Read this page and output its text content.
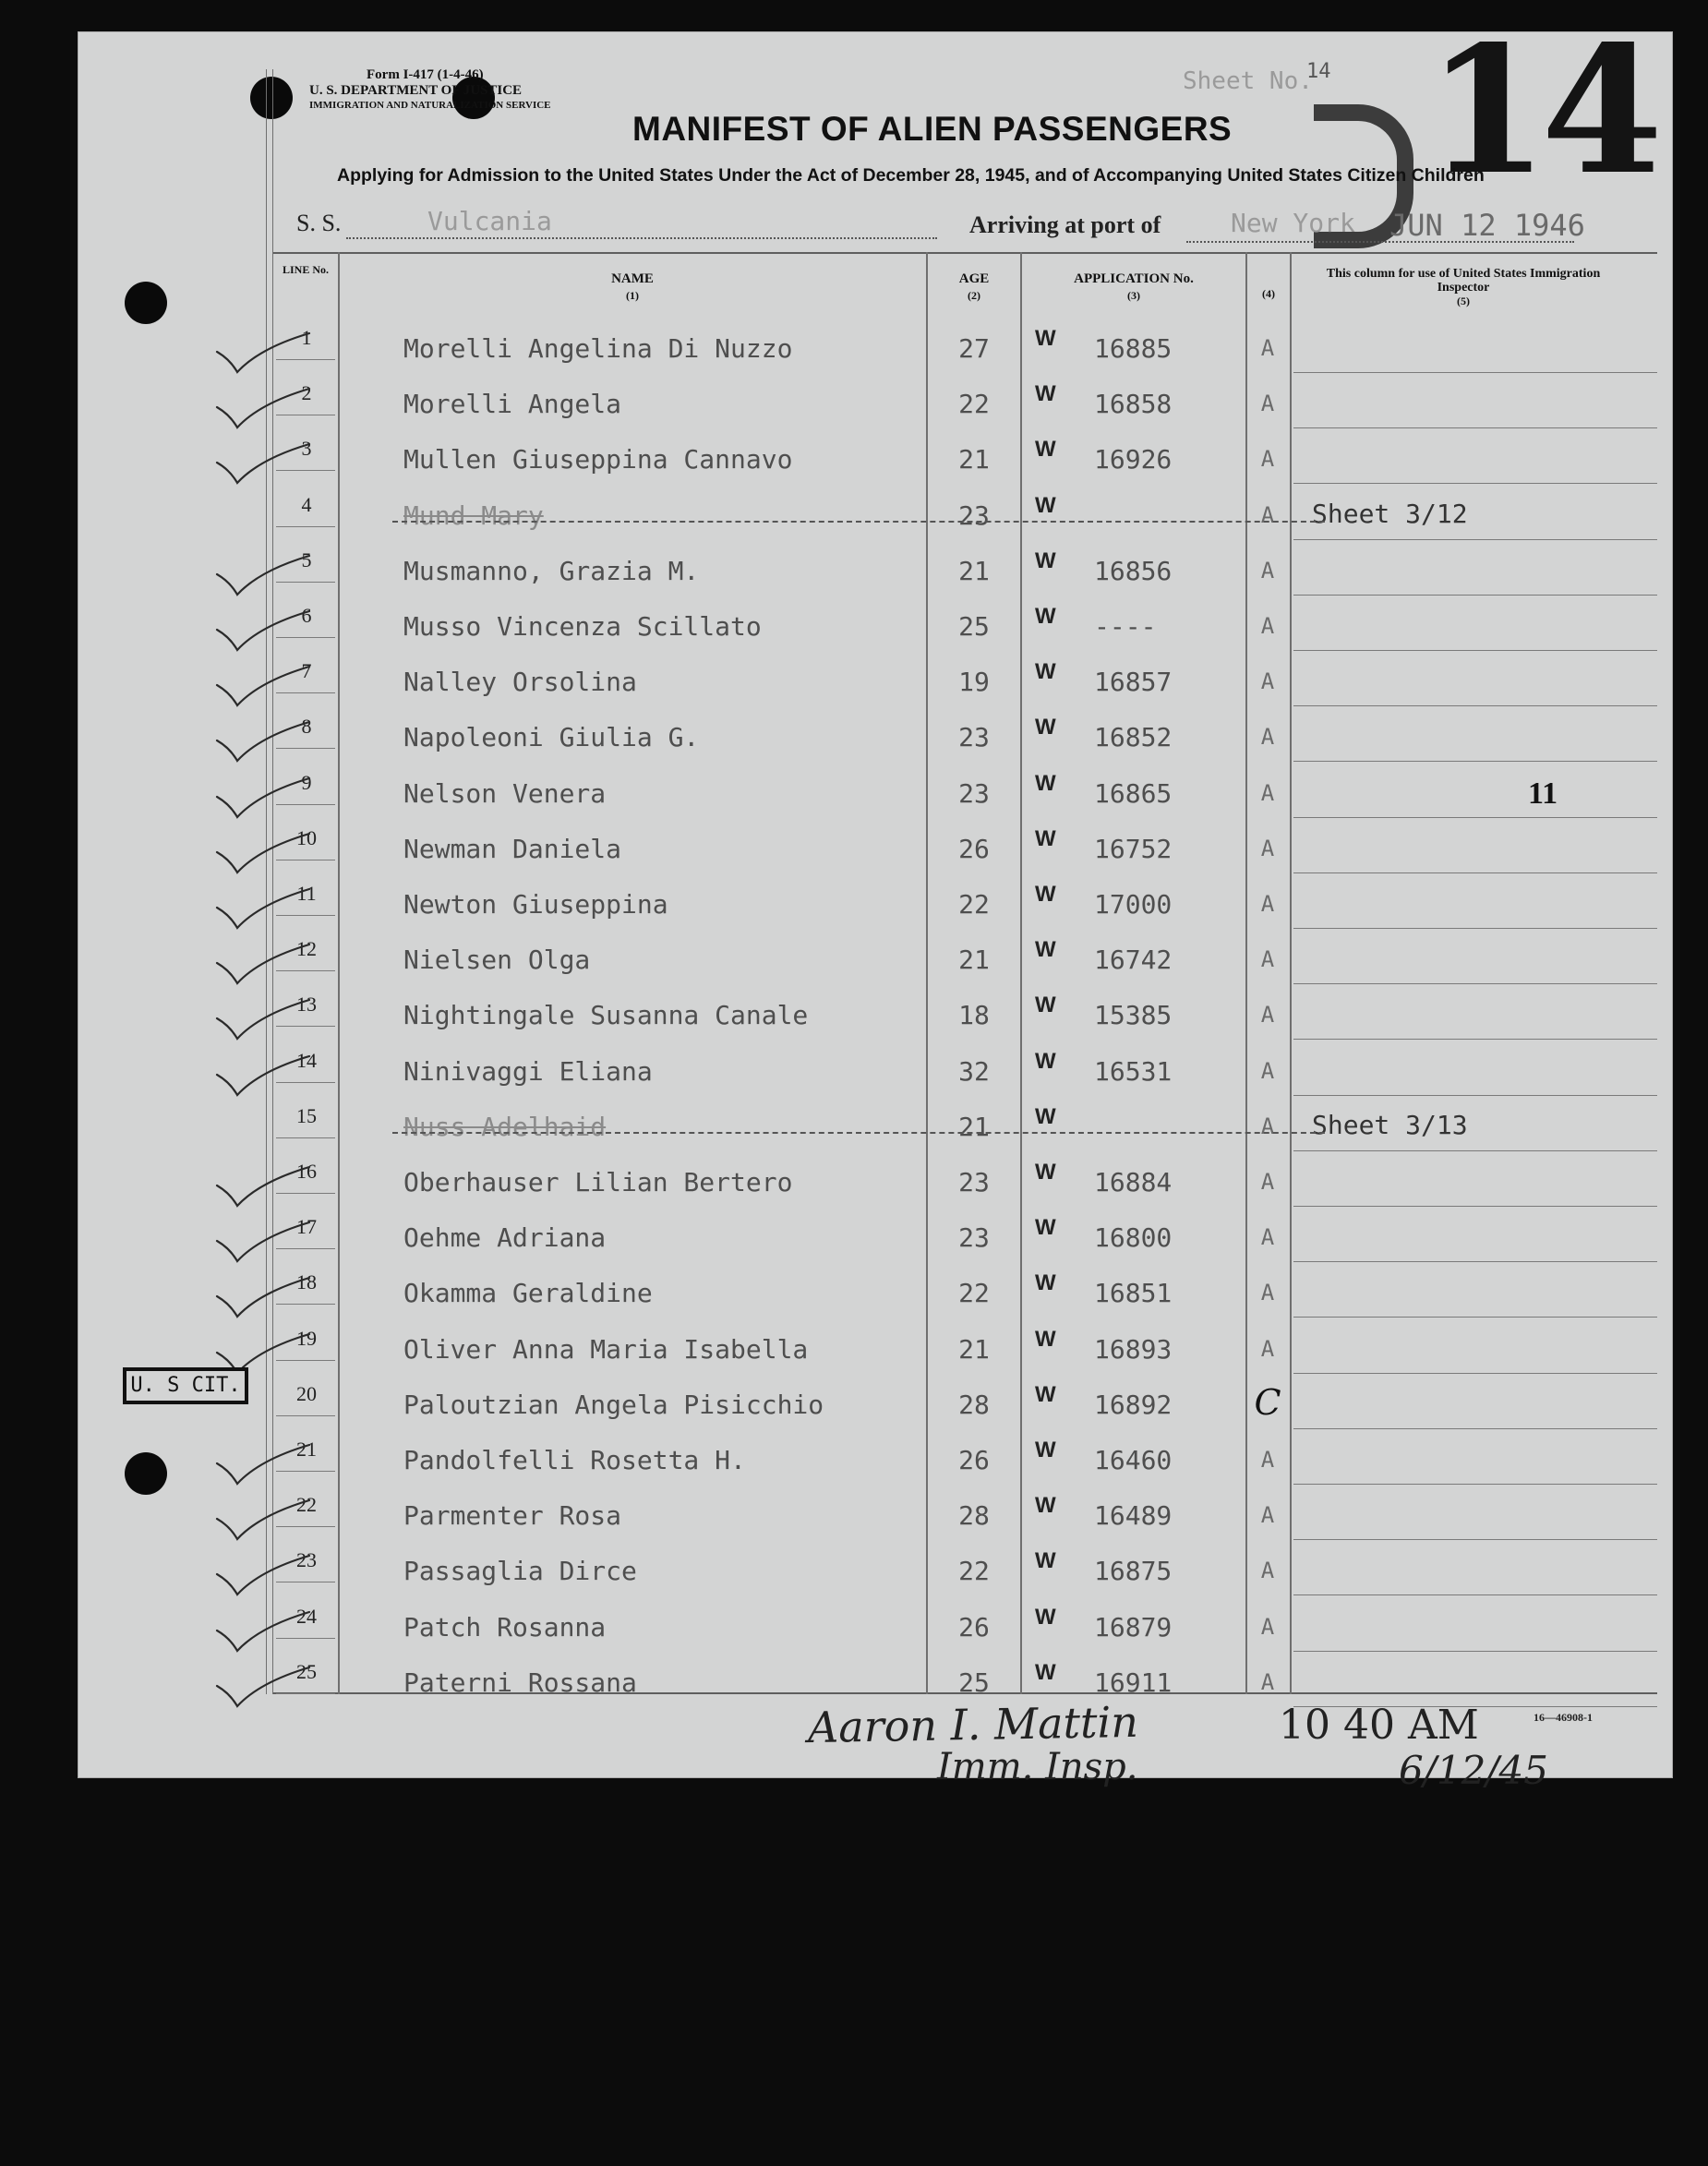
Form I-417 (1-4-46)
U. S. DEPARTMENT OF JUSTICE
IMMIGRATION AND NATURALIZATION SERVICE
Sheet No.
14 14
MANIFEST OF ALIEN PASSENGERS
Applying for Admission to the United States Under the Act of December 28, 1945, and of Accompanying United States Citizen Children
S. S.	Vulcania	Arriving at port of	New York JUN 12 1946
LINE No.
NAME
(1)
AGE
(2)
APPLICATION No.
(3)	(4)
This column for use of United States Immigration Inspector
(5)
1	Morelli Angelina Di Nuzzo	27	W 16885	A
2	Morelli Angela	22	W 16858	A
3	Mullen Giuseppina Cannavo	21	W 16926	A
4	Mund Mary	23	W	A	Sheet 3/12
5	Musmanno, Grazia M.	21	W 16856	A
6	Musso Vincenza Scillato	25	W ----	A
7	Nalley Orsolina	19	W 16857	A
8	Napoleoni Giulia G.	23	W 16852	A
9	Nelson Venera	23	W 16865	A	11
10	Newman Daniela	26	W 16752	A
11	Newton Giuseppina	22	W 17000	A
12	Nielsen Olga	21	W 16742	A
13	Nightingale Susanna Canale	18	W 15385	A
14	Ninivaggi Eliana	32	W 16531	A
15	Nuss Adelhaid	21	W	A	Sheet 3/13
16	Oberhauser Lilian Bertero	23	W 16884	A
17	Oehme Adriana	23	W 16800	A
18	Okamma Geraldine	22	W 16851	A
19	Oliver Anna Maria Isabella	21	W 16893	A
20	Paloutzian Angela Pisicchio	28	W 16892 C
21	Pandolfelli Rosetta H.	26	W 16460	A
22	Parmenter Rosa	28	W 16489	A
23	Passaglia Dirce	22	W 16875	A
24	Patch Rosanna	26	W 16879	A
25	Paterni Rossana	25	W 16911	A
U. S CIT.
16—46908-1
Aaron I. Mattin
Imm. Insp.
10 40 AM
6/12/45
